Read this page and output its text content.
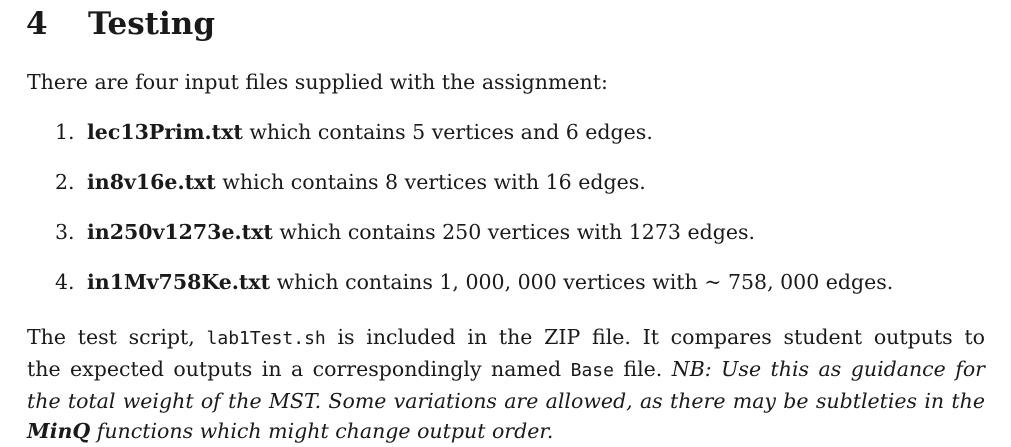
4 Testing
There are four input files supplied with the assignment:
1. lec13Prim.txt which contains 5 vertices and 6 edges.
2. in8v16e.txt which contains 8 vertices with 16 edges.
3. in250v1273e.txt which contains 250 vertices with 1273 edges.
4. in1Mv758Ke.txt which contains 1, 000, 000 vertices with ~ 758, 000 edges.
The test script, lab1Test.sh is included in the ZIP file. It compares student outputs to
the expected outputs in a correspondingly named Base file. NB: Use this as guidance for
the total weight of the MST. Some variations are allowed, as there may be subtleties in the
MinQ functions which might change output order.
